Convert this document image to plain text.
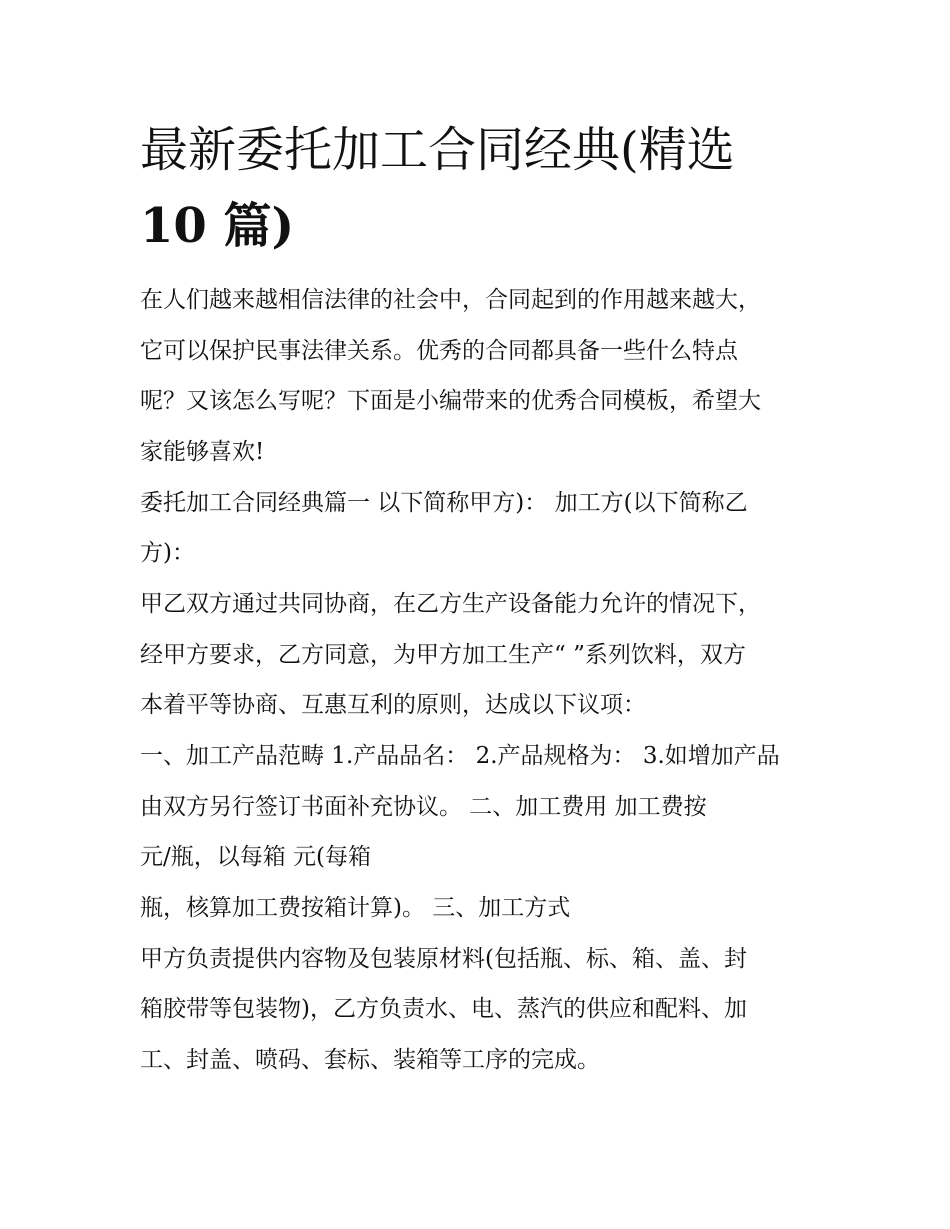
最新委托加工合同经典(精选
10 篇)

在人们越来越相信法律的社会中，合同起到的作用越来越大，

它可以保护民事法律关系。优秀的合同都具备一些什么特点

呢？又该怎么写呢？下面是小编带来的优秀合同模板，希望大

家能够喜欢!

委托加工合同经典篇一 以下简称甲方)： 加工方(以下简称乙

方)：

甲乙双方通过共同协商，在乙方生产设备能力允许的情况下，

经甲方要求，乙方同意，为甲方加工生产“ ”系列饮料，双方

本着平等协商、互惠互利的原则，达成以下议项：

一、加工产品范畴 1.产品品名： 2.产品规格为： 3.如增加产品

由双方另行签订书面补充协议。 二、加工费用 加工费按

元/瓶，以每箱 元(每箱

瓶，核算加工费按箱计算)。 三、加工方式

甲方负责提供内容物及包装原材料(包括瓶、标、箱、盖、封

箱胶带等包装物)，乙方负责水、电、蒸汽的供应和配料、加

工、封盖、喷码、套标、装箱等工序的完成。
